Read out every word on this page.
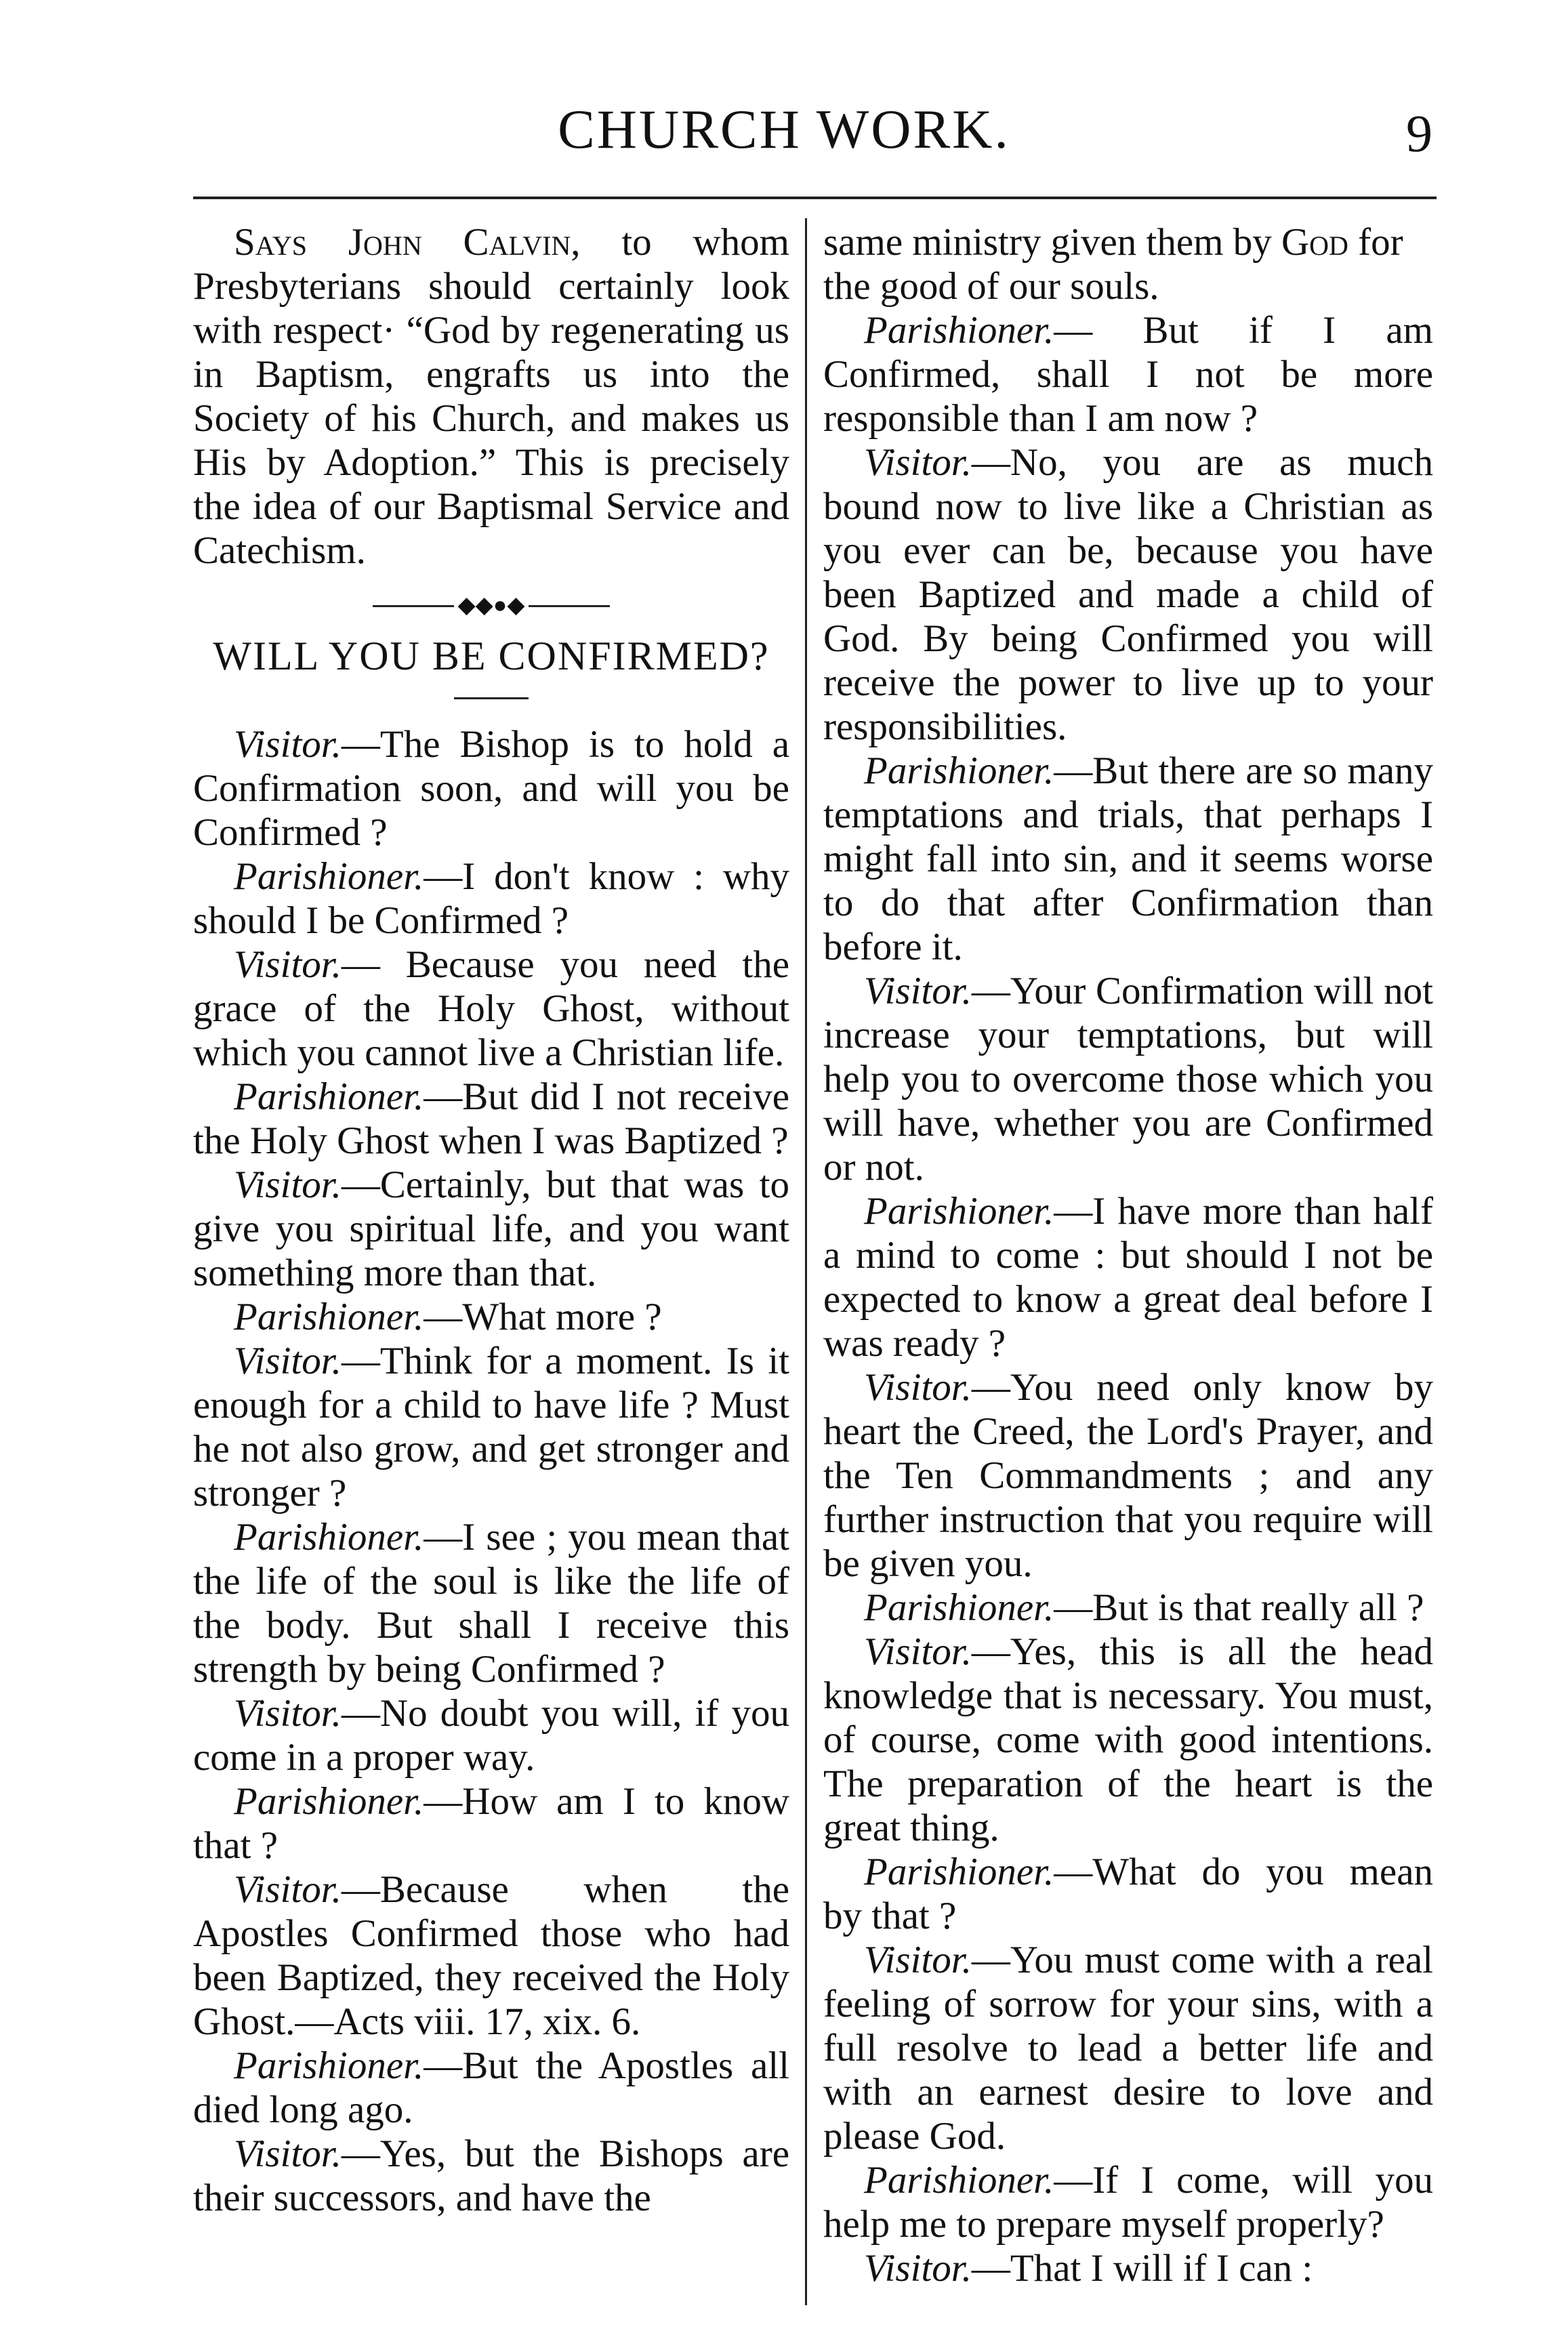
CHURCH WORK.	9

Says John Calvin, to whom Presbyterians should certainly look with respect· “God by regenerating us in Baptism, engrafts us into the Society of his Church, and makes us His by Adoption.” This is precisely the idea of our Baptismal Service and Catechism.

◆◆●◆
WILL YOU BE CONFIRMED?

Visitor.—The Bishop is to hold a Confirmation soon, and will you be Confirmed ?

Parishioner.—I don't know : why should I be Confirmed ?

Visitor.— Because you need the grace of the Holy Ghost, without which you cannot live a Christian life.

Parishioner.—But did I not receive the Holy Ghost when I was Baptized ?

Visitor.—Certainly, but that was to give you spiritual life, and you want something more than that.

Parishioner.—What more ?

Visitor.—Think for a moment. Is it enough for a child to have life ? Must he not also grow, and get stronger and stronger ?

Parishioner.—I see ; you mean that the life of the soul is like the life of the body. But shall I receive this strength by being Confirmed ?

Visitor.—No doubt you will, if you come in a proper way.

Parishioner.—How am I to know that ?

Visitor.—Because when the Apostles Confirmed those who had been Baptized, they received the Holy Ghost.—Acts viii. 17, xix. 6.

Parishioner.—But the Apostles all died long ago.

Visitor.—Yes, but the Bishops are their successors, and have the

same ministry given them by God for the good of our souls.

Parishioner.— But if I am Confirmed, shall I not be more responsible than I am now ?

Visitor.—No, you are as much bound now to live like a Christian as you ever can be, because you have been Baptized and made a child of God. By being Confirmed you will receive the power to live up to your responsibilities.

Parishioner.—But there are so many temptations and trials, that perhaps I might fall into sin, and it seems worse to do that after Confirmation than before it.

Visitor.—Your Confirmation will not increase your temptations, but will help you to overcome those which you will have, whether you are Confirmed or not.

Parishioner.—I have more than half a mind to come : but should I not be expected to know a great deal before I was ready ?

Visitor.—You need only know by heart the Creed, the Lord's Prayer, and the Ten Commandments ; and any further instruction that you require will be given you.

Parishioner.—But is that really all ?

Visitor.—Yes, this is all the head knowledge that is necessary. You must, of course, come with good intentions. The preparation of the heart is the great thing.

Parishioner.—What do you mean by that ?

Visitor.—You must come with a real feeling of sorrow for your sins, with a full resolve to lead a better life and with an earnest desire to love and please God.

Parishioner.—If I come, will you help me to prepare myself properly?

Visitor.—That I will if I can :
